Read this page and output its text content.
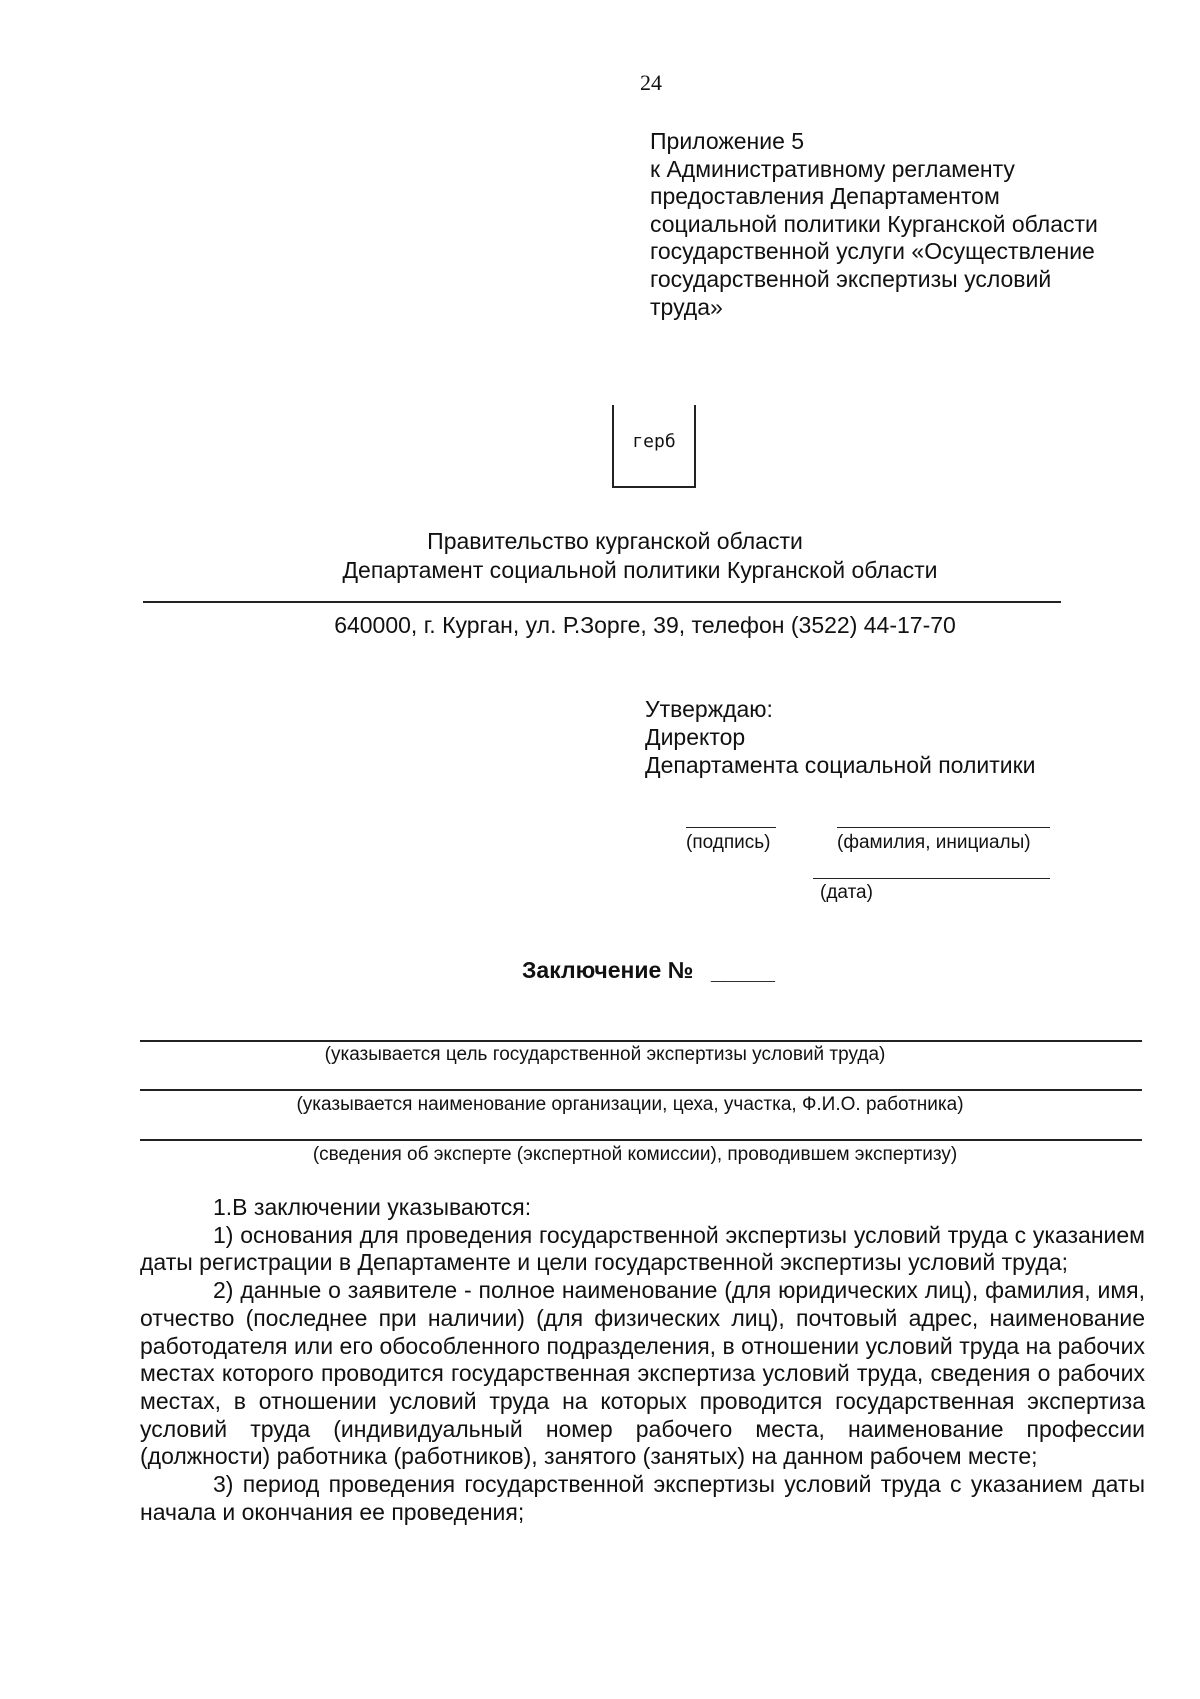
24
Приложение 5
к Административному регламенту
предоставления Департаментом
социальной политики Курганской области
государственной услуги «Осуществление
государственной экспертизы условий
труда»
герб
Правительство курганской области
Департамент социальной политики Курганской области
640000, г. Курган, ул. Р.Зорге, 39, телефон (3522) 44-17-70
Утверждаю:
Директор
Департамента социальной политики
(подпись)	(фамилия, инициалы)
(дата)
Заключение № _____
(указывается цель государственной экспертизы условий труда)
(указывается наименование организации, цеха, участка, Ф.И.О. работника)
(сведения об эксперте (экспертной комиссии), проводившем экспертизу)

1.В заключении указываются:

1) основания для проведения государственной экспертизы условий труда с указанием даты регистрации в Департаменте и цели государственной экспертизы условий труда;

2) данные о заявителе - полное наименование (для юридических лиц), фамилия, имя, отчество (последнее при наличии) (для физических лиц), почтовый адрес, наименование работодателя или его обособленного подразделения, в отношении условий труда на рабочих местах которого проводится государственная экспертиза условий труда, сведения о рабочих местах, в отношении условий труда на которых проводится государственная экспертиза условий труда (индивидуальный номер рабочего места, наименование профессии (должности) работника (работников), занятого (занятых) на данном рабочем месте;

3) период проведения государственной экспертизы условий труда с указанием даты начала и окончания ее проведения;
